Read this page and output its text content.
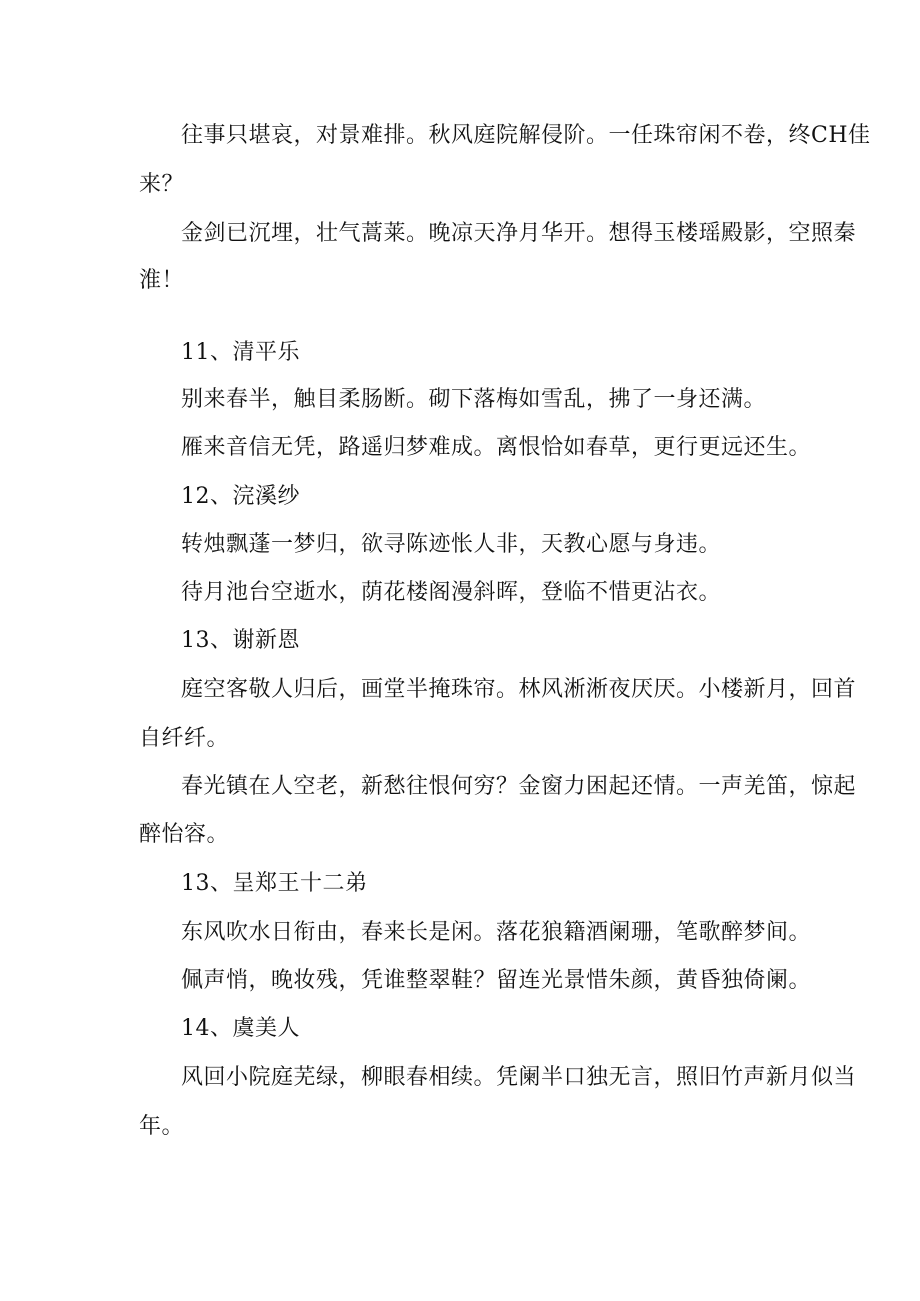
往事只堪哀，对景难排。秋风庭院解侵阶。一任珠帘闲不卷，终CH佳
来？
金剑已沉埋，壮气蒿莱。晚凉天净月华开。想得玉楼瑶殿影，空照秦
淮！
11、清平乐
别来春半，触目柔肠断。砌下落梅如雪乱，拂了一身还满。
雁来音信无凭，路遥归梦难成。离恨恰如春草，更行更远还生。
12、浣溪纱
转烛飘蓬一梦归，欲寻陈迹怅人非，天教心愿与身违。
待月池台空逝水，荫花楼阁漫斜晖，登临不惜更沾衣。
13、谢新恩
庭空客敬人归后，画堂半掩珠帘。林风淅淅夜厌厌。小楼新月，回首
自纤纤。
春光镇在人空老，新愁往恨何穷？金窗力困起还情。一声羌笛，惊起
醉怡容。
13、呈郑王十二弟
东风吹水日衔由，春来长是闲。落花狼籍酒阑珊，笔歌醉梦间。
佩声悄，晚妆残，凭谁整翠鞋？留连光景惜朱颜，黄昏独倚阑。
14、虞美人
风回小院庭芜绿，柳眼春相续。凭阑半口独无言，照旧竹声新月似当
年。
